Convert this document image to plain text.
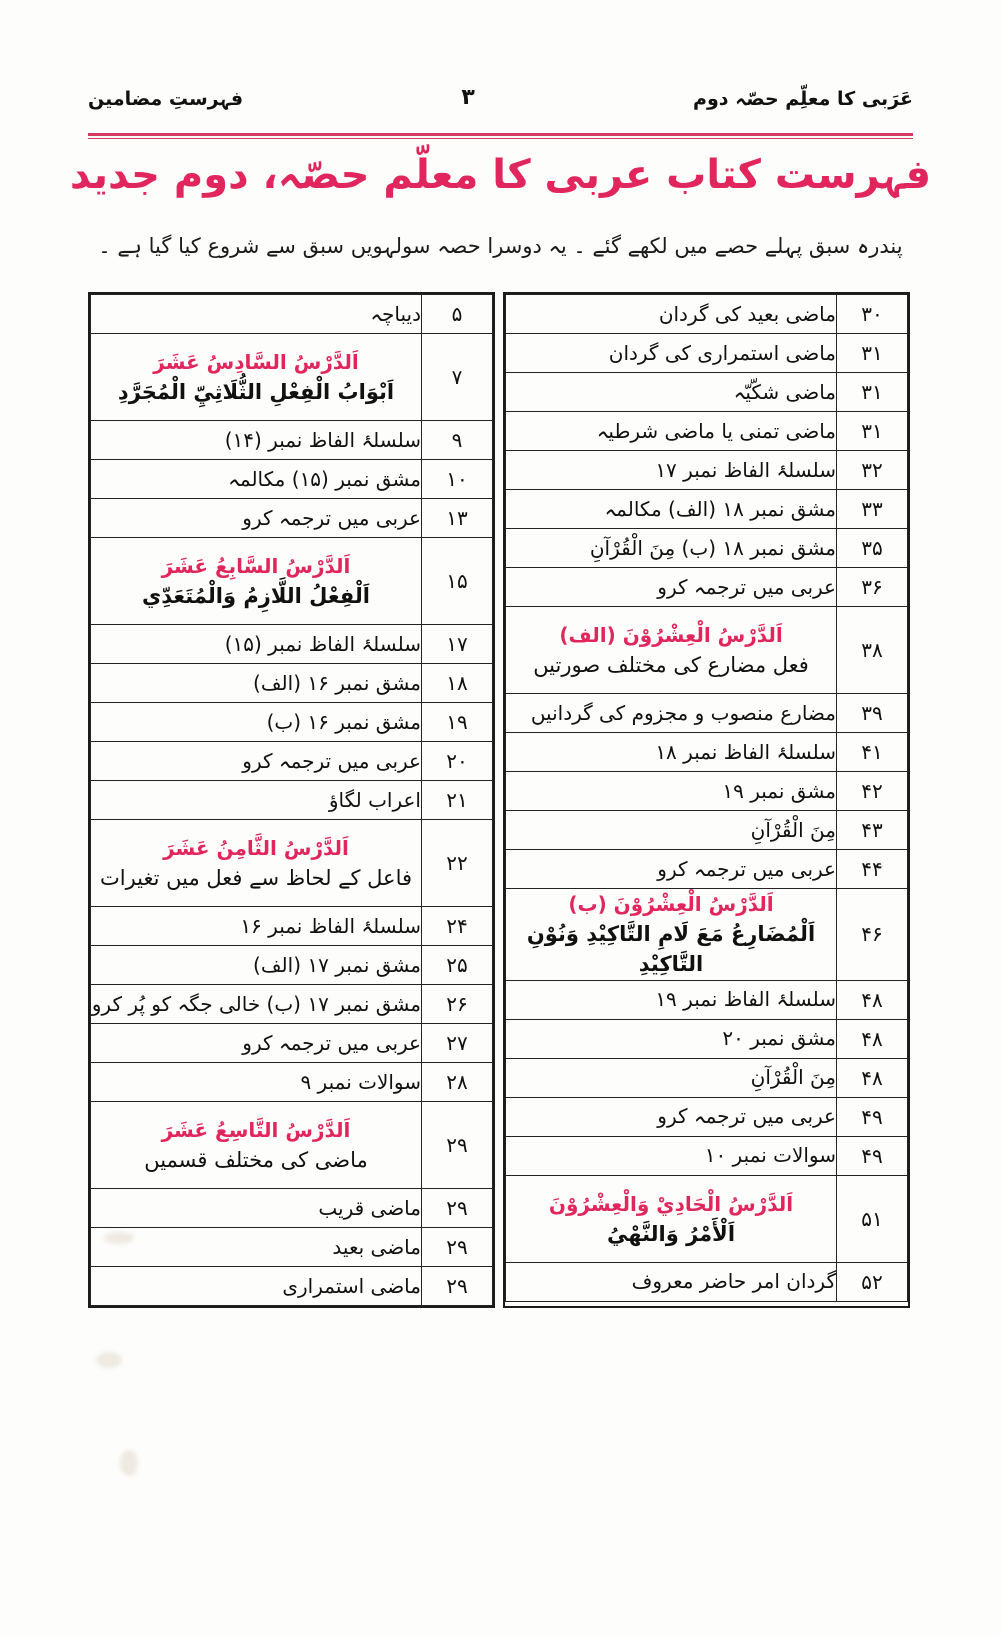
عَرَبی کا معلِّم حصّہ دوم
۳
فہرستِ مضامین
فہرست کتاب عربی کا معلّم حصّہ، دوم جدید
پندرہ سبق پہلے حصے میں لکھے گئے ۔ یہ دوسرا حصہ سولہویں سبق سے شروع کیا گیا ہے ۔
۵	دیباچہ
۷	اَلدَّرْسُ السَّادِسُ عَشَرَ
اَبْوَابُ الْفِعْلِ الثُّلَاثِيِّ الْمُجَرَّدِ

۹	سلسلۂ الفاظ نمبر (۱۴)
۱۰	مشق نمبر (۱۵) مکالمہ
۱۳	عربی میں ترجمہ کرو
۱۵	اَلدَّرْسُ السَّابِعُ عَشَرَ
اَلْفِعْلُ اللَّازِمُ وَالْمُتَعَدِّي

۱۷	سلسلۂ الفاظ نمبر (۱۵)
۱۸	مشق نمبر ۱۶ (الف)
۱۹	مشق نمبر ۱۶ (ب)
۲۰	عربی میں ترجمہ کرو
۲۱	اعراب لگاؤ
۲۲	اَلدَّرْسُ الثَّامِنُ عَشَرَ
فاعل کے لحاظ سے فعل میں تغیرات

۲۴	سلسلۂ الفاظ نمبر ۱۶
۲۵	مشق نمبر ۱۷ (الف)
۲۶	مشق نمبر ۱۷ (ب) خالی جگہ کو پُر کرو
۲۷	عربی میں ترجمہ کرو
۲۸	سوالات نمبر ۹
۲۹	اَلدَّرْسُ التَّاسِعُ عَشَرَ
ماضی کی مختلف قسمیں

۲۹	ماضی قریب
۲۹	ماضی بعید
۲۹	ماضی استمراری
۳۰	ماضی بعید کی گردان
۳۱	ماضی استمراری کی گردان
۳۱	ماضی شکّیّہ
۳۱	ماضی تمنی یا ماضی شرطیہ
۳۲	سلسلۂ الفاظ نمبر ۱۷
۳۳	مشق نمبر ۱۸ (الف) مکالمہ
۳۵	مشق نمبر ۱۸ (ب) مِنَ الْقُرْآنِ
۳۶	عربی میں ترجمہ کرو
۳۸	اَلدَّرْسُ الْعِشْرُوْنَ (الف)
فعل مضارع کی مختلف صورتیں

۳۹	مضارع منصوب و مجزوم کی گردانیں
۴۱	سلسلۂ الفاظ نمبر ۱۸
۴۲	مشق نمبر ۱۹
۴۳	مِنَ الْقُرْآنِ
۴۴	عربی میں ترجمہ کرو
۴۶	اَلدَّرْسُ الْعِشْرُوْنَ (ب)
اَلْمُضَارِعُ مَعَ لَامِ التَّاکِیْدِ وَنُوْنِ التَّاکِیْدِ

۴۸	سلسلۂ الفاظ نمبر ۱۹
۴۸	مشق نمبر ۲۰
۴۸	مِنَ الْقُرْآنِ
۴۹	عربی میں ترجمہ کرو
۴۹	سوالات نمبر ۱۰
۵۱	اَلدَّرْسُ الْحَادِيْ وَالْعِشْرُوْنَ
اَلْأَمْرُ وَالنَّهْيُ

۵۲	گردان امر حاضر معروف
